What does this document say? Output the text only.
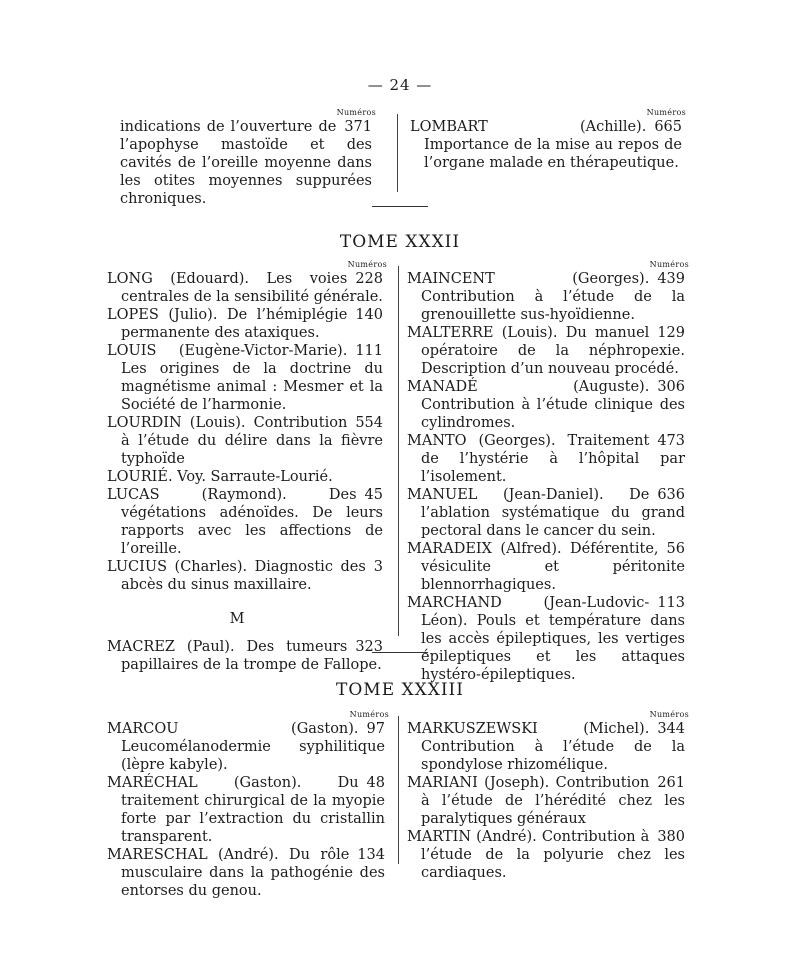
— 24 —
Numéros
371
indications de l’ouverture de l’apophyse mastoïde et des cavités de l’oreille moyenne dans les otites moyennes suppurées chroniques.
Numéros
665
LOMBART (Achille). Importance de la mise au repos de l’organe malade en thérapeutique.
TOME XXXII
Numéros
228
LONG (Edouard). Les voies centrales de la sensibilité générale.
140
LOPES (Julio). De l’hémiplégie permanente des ataxiques.
111
LOUIS (Eugène-Victor-Marie). Les origines de la doctrine du magnétisme animal : Mesmer et la Société de l’harmonie.
554
LOURDIN (Louis). Contribution à l’étude du délire dans la fièvre typhoïde
LOURIÉ. Voy. Sarraute-Lourié.
45
LUCAS (Raymond). Des végétations adénoïdes. De leurs rapports avec les affections de l’oreille.
3
LUCIUS (Charles). Diagnostic des abcès du sinus maxillaire.
M
323
MACREZ (Paul). Des tumeurs papillaires de la trompe de Fallope.
Numéros
439
MAINCENT (Georges). Contribution à l’étude de la grenouillette sus-hyoïdienne.
129
MALTERRE (Louis). Du manuel opératoire de la néphropexie. Description d’un nouveau procédé.
306
MANADÉ (Auguste). Contribution à l’étude clinique des cylindromes.
473
MANTO (Georges). Traitement de l’hystérie à l’hôpital par l’isolement.
636
MANUEL (Jean-Daniel). De l’ablation systématique du grand pectoral dans le cancer du sein.
56
MARADEIX (Alfred). Déférentite, vésiculite et péritonite blennorrhagiques.
113
MARCHAND (Jean-Ludovic-Léon). Pouls et température dans les accès épileptiques, les vertiges épileptiques et les attaques hystéro-épileptiques.
TOME XXXIII
Numéros
97
MARCOU (Gaston). Leucomélanodermie syphilitique (lèpre kabyle).
48
MARÉCHAL (Gaston). Du traitement chirurgical de la myopie forte par l’extraction du cristallin transparent.
134
MARESCHAL (André). Du rôle musculaire dans la pathogénie des entorses du genou.
Numéros
344
MARKUSZEWSKI (Michel). Contribution à l’étude de la spondylose rhizomélique.
261
MARIANI (Joseph). Contribution à l’étude de l’hérédité chez les paralytiques généraux
380
MARTIN (André). Contribution à l’étude de la polyurie chez les cardiaques.
